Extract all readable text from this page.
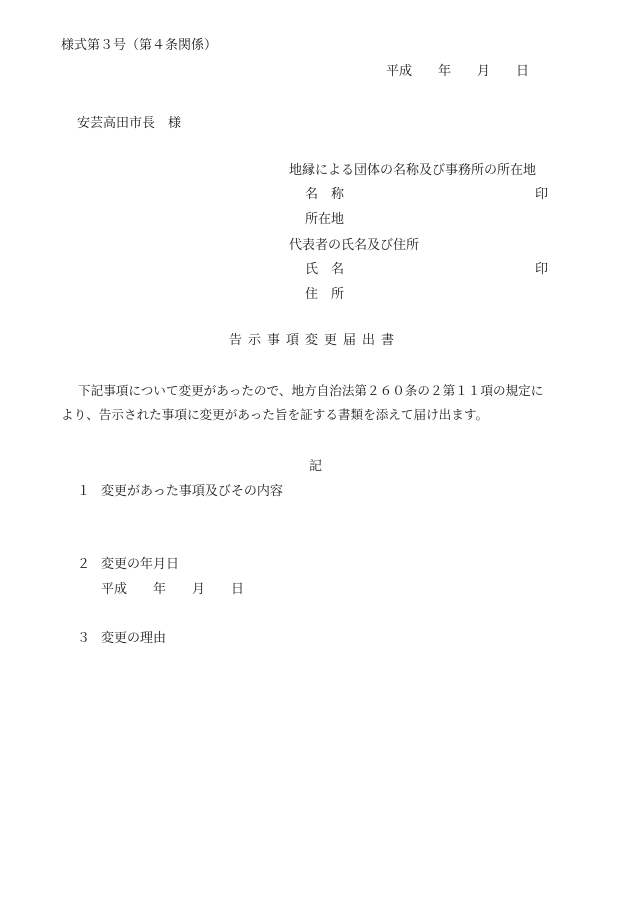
様式第３号（第４条関係）
平成　　年　　月　　日
安芸高田市長　様
地縁による団体の名称及び事務所の所在地
名　称	印
所在地
代表者の氏名及び住所
氏　名	印
住　所
告示事項変更届出書
下記事項について変更があったので、地方自治法第２６０条の２第１１項の規定に
より、告示された事項に変更があった旨を証する書類を添えて届け出ます。
記
１ 変更があった事項及びその内容
２ 変更の年月日
平成　　年　　月　　日
３ 変更の理由
